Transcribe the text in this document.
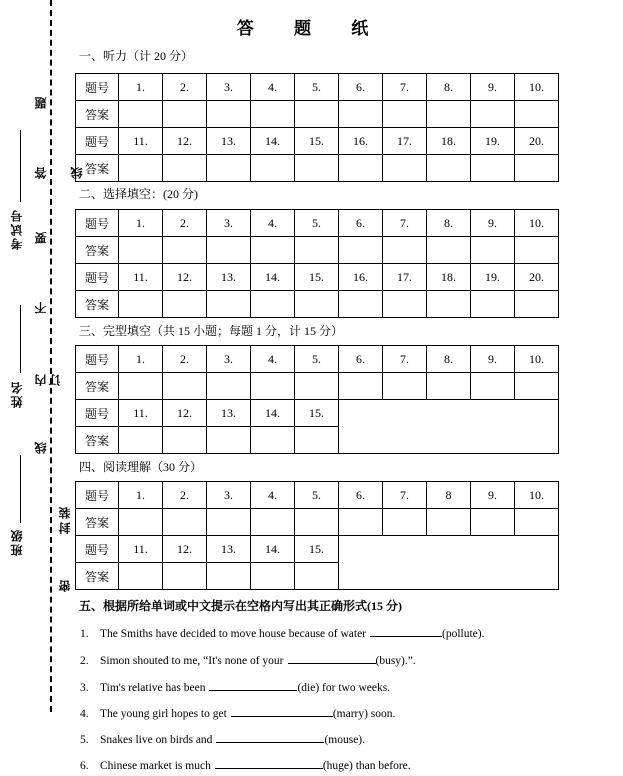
密
封
装
线
订
内
不
要
答 线
题
班级
姓名
考试号
答 题 纸
一、听力（计 20 分）
题号	1.	2.	3.	4.	5.	6.	7.	8.	9.	10.
答案										
题号	11.	12.	13.	14.	15.	16.	17.	18.	19.	20.
答案										
二、选择填空：(20 分)
题号	1.	2.	3.	4.	5.	6.	7.	8.	9.	10.
答案										
题号	11.	12.	13.	14.	15.	16.	17.	18.	19.	20.
答案										
三、完型填空（共 15 小题；每题 1 分，计 15 分）
题号	1.	2.	3.	4.	5.	6.	7.	8.	9.	10.
答案										
题号	11.	12.	13.	14.	15.					
答案										
四、阅读理解（30 分）
题号	1.	2.	3.	4.	5.	6.	7.	8	9.	10.
答案										
题号	11.	12.	13.	14.	15.					
答案										
五、根据所给单词或中文提示在空格内写出其正确形式(15 分)
1. The Smiths have decided to move house because of water	(pollute).
2. Simon shouted to me, “It's none of your	(busy).”.
3. Tim's relative has been	(die) for two weeks.
4. The young girl hopes to get	(marry) soon.
5. Snakes live on birds and	(mouse).
6. Chinese market is much	(huge) than before.
